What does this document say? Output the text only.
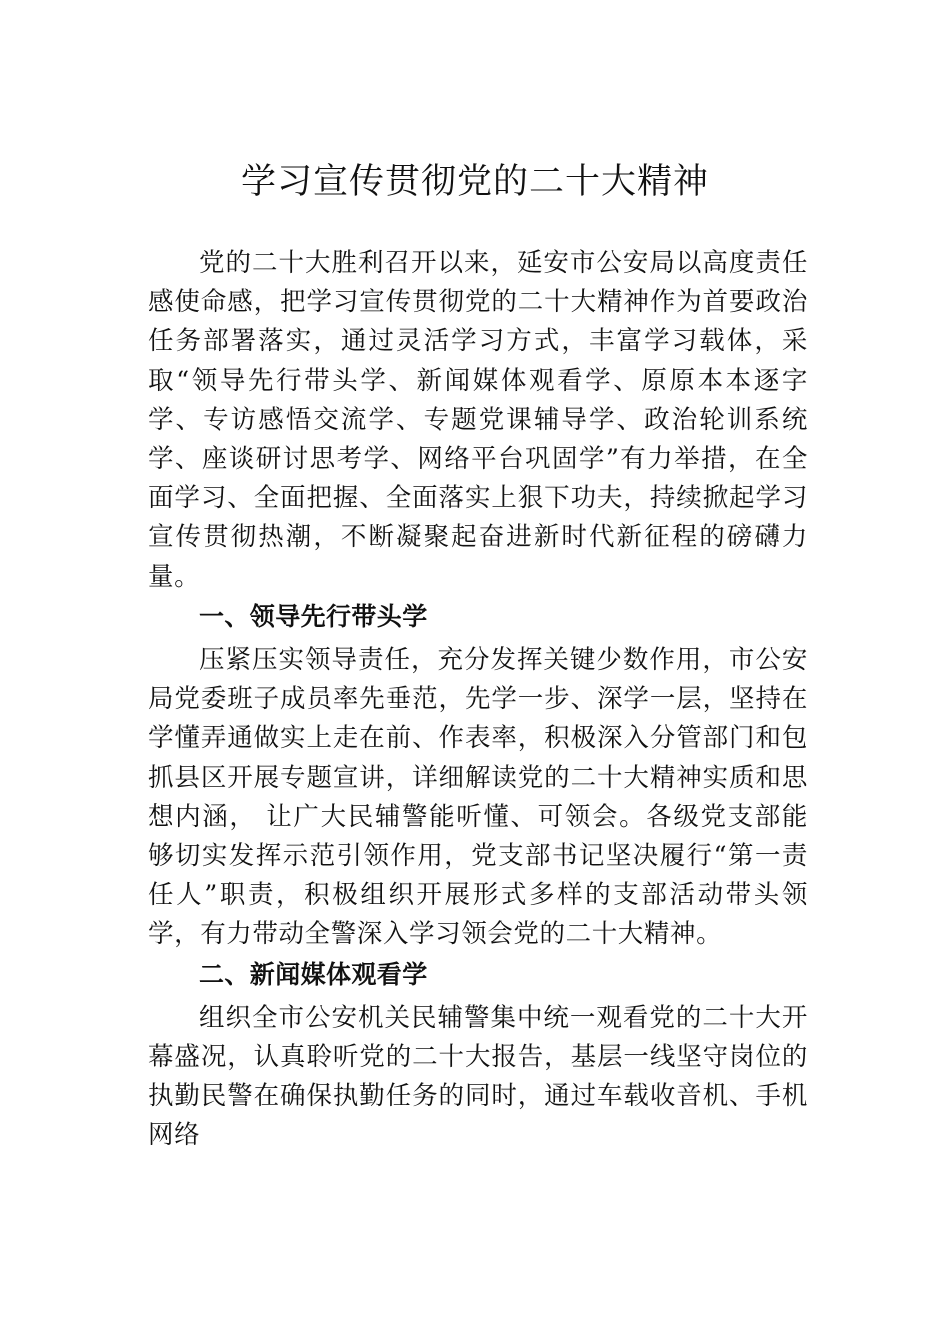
学习宣传贯彻党的二十大精神

党的二十大胜利召开以来，延安市公安局以高度责任感使命感，把学习宣传贯彻党的二十大精神作为首要政治任务部署落实，通过灵活学习方式，丰富学习载体，采取“领导先行带头学、新闻媒体观看学、原原本本逐字学、专访感悟交流学、专题党课辅导学、政治轮训系统学、座谈研讨思考学、网络平台巩固学”有力举措，在全面学习、全面把握、全面落实上狠下功夫，持续掀起学习宣传贯彻热潮，不断凝聚起奋进新时代新征程的磅礴力量。

一、领导先行带头学

压紧压实领导责任，充分发挥关键少数作用，市公安局党委班子成员率先垂范，先学一步、深学一层，坚持在学懂弄通做实上走在前、作表率，积极深入分管部门和包抓县区开展专题宣讲，详细解读党的二十大精神实质和思想内涵， 让广大民辅警能听懂、可领会。各级党支部能够切实发挥示范引领作用，党支部书记坚决履行“第一责任人”职责，积极组织开展形式多样的支部活动带头领学，有力带动全警深入学习领会党的二十大精神。

二、新闻媒体观看学

组织全市公安机关民辅警集中统一观看党的二十大开幕盛况，认真聆听党的二十大报告，基层一线坚守岗位的执勤民警在确保执勤任务的同时，通过车载收音机、手机网络
